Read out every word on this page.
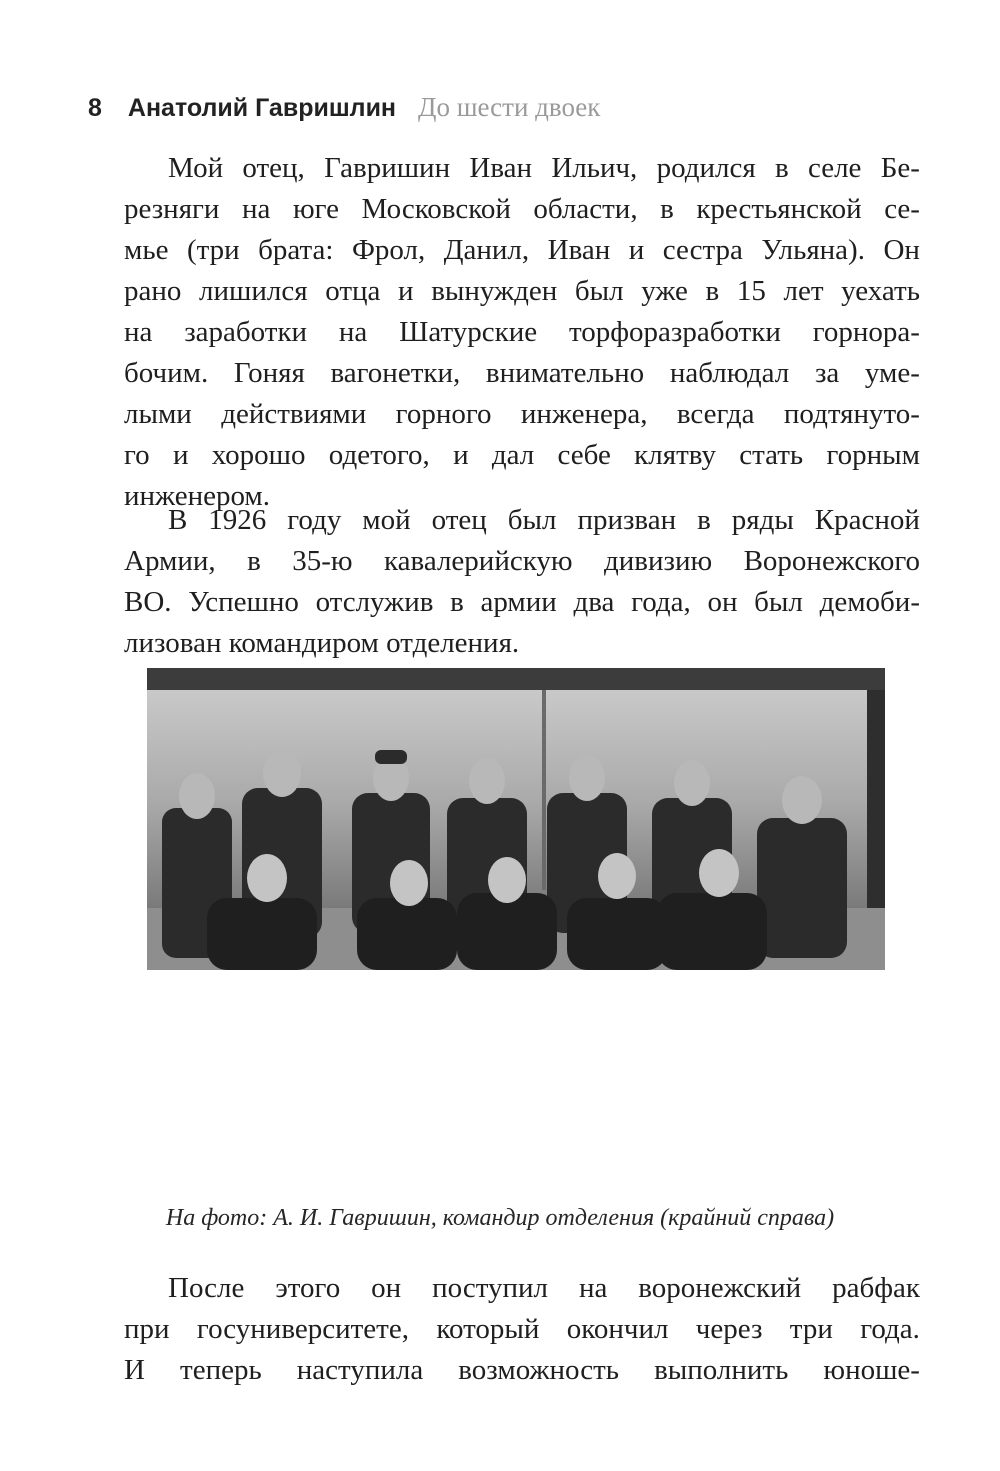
8 Анатолий Гавришлин До шести двоек
Мой отец, Гавришин Иван Ильич, родился в селе Бе-
резняги на юге Московской области, в крестьянской се-
мье (три брата: Фрол, Данил, Иван и сестра Ульяна). Он
рано лишился отца и вынужден был уже в 15 лет уехать
на заработки на Шатурские торфоразработки горнора-
бочим. Гоняя вагонетки, внимательно наблюдал за уме-
лыми действиями горного инженера, всегда подтянуто-
го и хорошо одетого, и дал себе клятву стать горным
инженером.
В 1926 году мой отец был призван в ряды Красной
Армии, в 35-ю кавалерийскую дивизию Воронежского
ВО. Успешно отслужив в армии два года, он был демоби-
лизован командиром отделения.
На фото: А. И. Гавришин, командир отделения (крайний справа)
После этого он поступил на воронежский рабфак
при госуниверситете, который окончил через три года.
И теперь наступила возможность выполнить юноше-
